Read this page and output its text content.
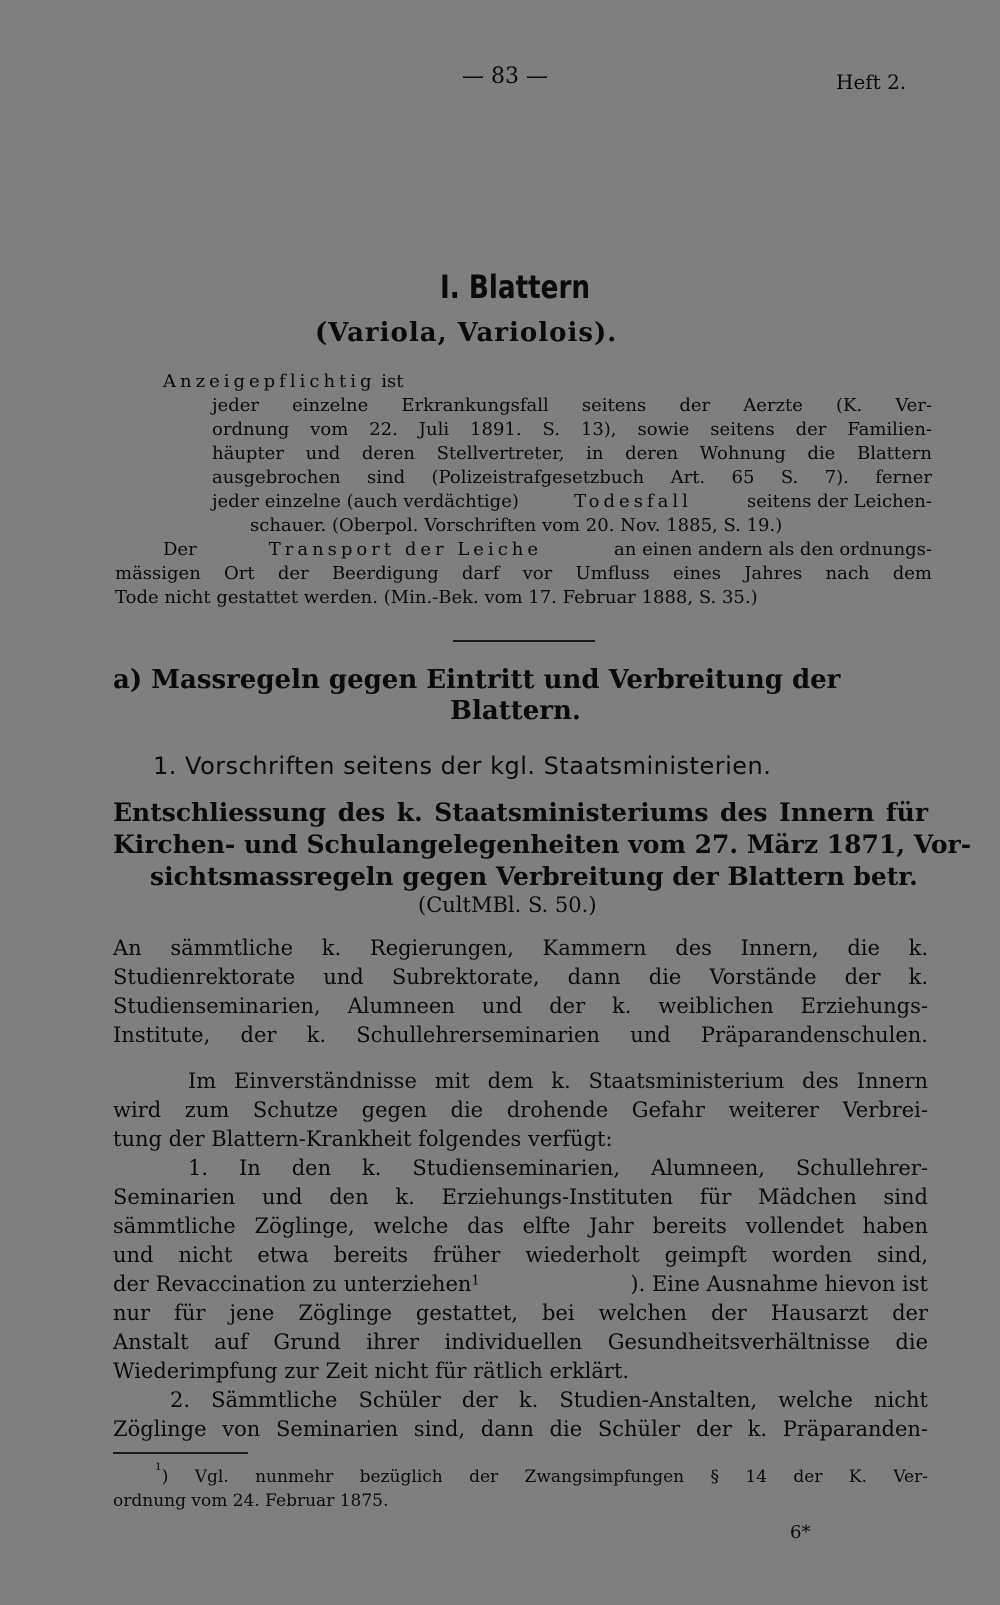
— 83 —	Heft 2.
I. Blattern
(Variola, Variolois).
Anzeigepflichtig ist
jeder einzelne Erkrankungsfall seitens der Aerzte (K. Ver-
ordnung vom 22. Juli 1891. S. 13), sowie seitens der Familien-
häupter und deren Stellvertreter, in deren Wohnung die Blattern
ausgebrochen sind (Polizeistrafgesetzbuch Art. 65 S. 7). ferner
jeder einzelne (auch verdächtige)	Todesfall	seitens der Leichen-
schauer. (Oberpol. Vorschriften vom 20. Nov. 1885, S. 19.)
Der	Transport der Leiche	an einen andern als den ordnungs-
mässigen Ort der Beerdigung darf vor Umfluss eines Jahres nach dem
Tode nicht gestattet werden. (Min.-Bek. vom 17. Februar 1888, S. 35.)
a) Massregeln gegen Eintritt und Verbreitung der
Blattern.
1. Vorschriften seitens der kgl. Staatsministerien.
Entschliessung des k. Staatsministeriums des Innern für
Kirchen- und Schulangelegenheiten vom 27. März 1871, Vor-
sichtsmassregeln gegen Verbreitung der Blattern betr.
(CultMBl. S. 50.)
An sämmtliche k. Regierungen, Kammern des Innern, die k.
Studienrektorate und Subrektorate, dann die Vorstände der k.
Studienseminarien, Alumneen und der k. weiblichen Erziehungs-
Institute, der k. Schullehrerseminarien und Präparandenschulen.
Im Einverständnisse mit dem k. Staatsministerium des Innern
wird zum Schutze gegen die drohende Gefahr weiterer Verbrei-
tung der Blattern-Krankheit folgendes verfügt:
1. In den k. Studienseminarien, Alumneen, Schullehrer-
Seminarien und den k. Erziehungs-Instituten für Mädchen sind
sämmtliche Zöglinge, welche das elfte Jahr bereits vollendet haben
und nicht etwa bereits früher wiederholt geimpft worden sind,
der Revaccination zu unterziehen$^1$	). Eine Ausnahme hievon ist
nur für jene Zöglinge gestattet, bei welchen der Hausarzt der
Anstalt auf Grund ihrer individuellen Gesundheitsverhältnisse die
Wiederimpfung zur Zeit nicht für rätlich erklärt.
2. Sämmtliche Schüler der k. Studien-Anstalten, welche nicht
Zöglinge von Seminarien sind, dann die Schüler der k. Präparanden-
1 ) Vgl. nunmehr bezüglich der Zwangsimpfungen § 14 der K. Ver-
ordnung vom 24. Februar 1875.
6*
